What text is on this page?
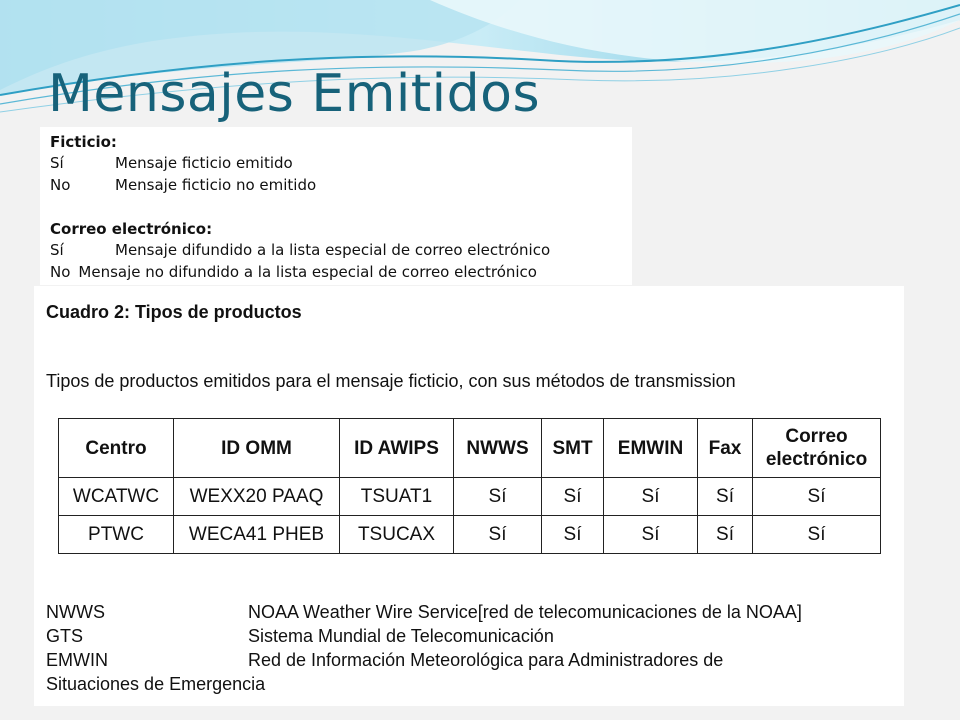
Mensajes Emitidos
Ficticio:
Sí	Mensaje ficticio emitido
No	Mensaje ficticio no emitido
Correo electrónico:
Sí	Mensaje difundido a la lista especial de correo electrónico
No Mensaje no difundido a la lista especial de correo electrónico
Cuadro 2: Tipos de productos
Tipos de productos emitidos para el mensaje ficticio, con sus métodos de transmission
Centro	ID OMM	ID AWIPS	NWWS	SMT	EMWIN	Fax	Correo
electrónico
WCATWC	WEXX20 PAAQ	TSUAT1	Sí	Sí	Sí	Sí	Sí
PTWC	WECA41 PHEB	TSUCAX	Sí	Sí	Sí	Sí	Sí
NWWS	NOAA Weather Wire Service[red de telecomunicaciones de la NOAA]
GTS	Sistema Mundial de Telecomunicación
EMWIN	Red de Información Meteorológica para Administradores de
Situaciones de Emergencia
